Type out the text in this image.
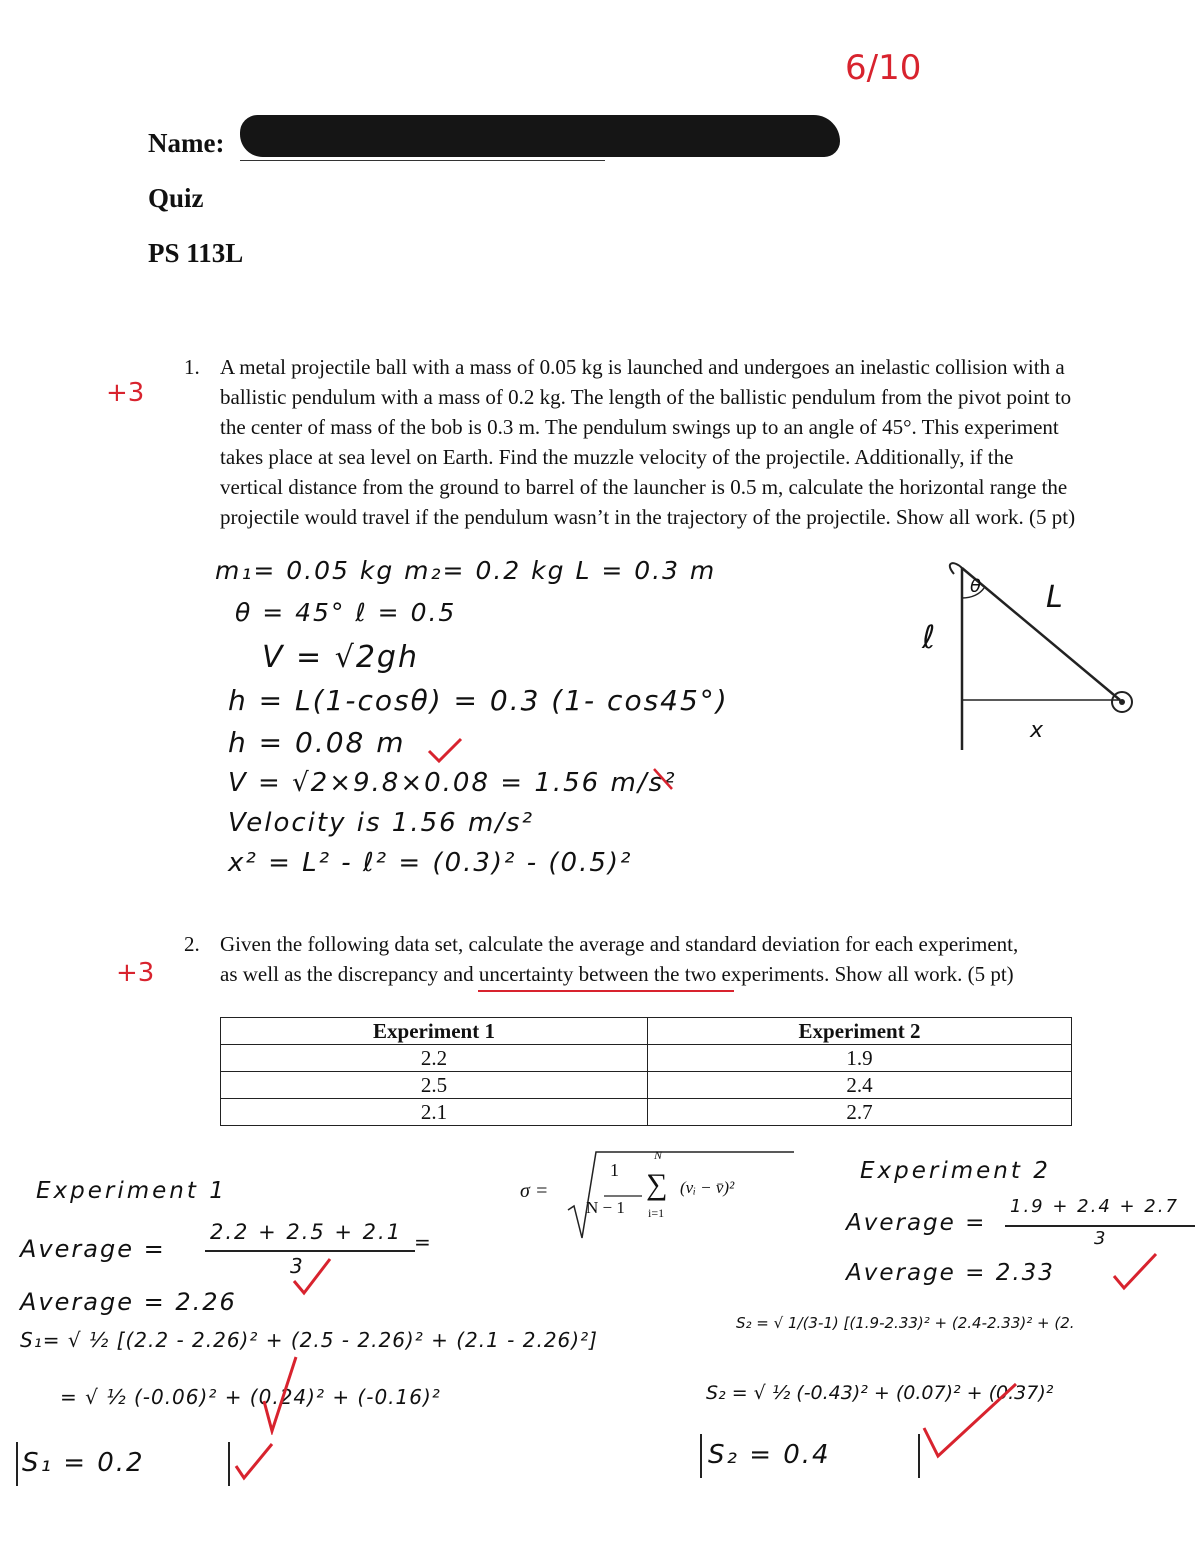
6/10
Name:
Quiz
PS 113L
+3
1. A metal projectile ball with a mass of 0.05 kg is launched and undergoes an inelastic collision with a ballistic pendulum with a mass of 0.2 kg. The length of the ballistic pendulum from the pivot point to the center of mass of the bob is 0.3 m. The pendulum swings up to an angle of 45°. This experiment takes place at sea level on Earth. Find the muzzle velocity of the projectile. Additionally, if the vertical distance from the ground to barrel of the launcher is 0.5 m, calculate the horizontal range the projectile would travel if the pendulum wasn’t in the trajectory of the projectile. Show all work. (5 pt)
m₁= 0.05 kg m₂= 0.2 kg L = 0.3 m
θ = 45° ℓ = 0.5
V = √2gh
h = L(1-cosθ) = 0.3 (1- cos45°)
h = 0.08 m
V = √2×9.8×0.08 = 1.56 m/s²
Velocity is 1.56 m/s²
x² = L² - ℓ² = (0.3)² - (0.5)²
θ L
ℓ
x
+3
2. Given the following data set, calculate the average and standard deviation for each experiment, as well as the discrepancy and uncertainty between the two experiments. Show all work. (5 pt)
Experiment 1	Experiment 2
2.2	1.9
2.5	2.4
2.1	2.7
σ =
1
N − 1
N
∑
i=1
(vᵢ − v̄)²
Experiment 1
Average =
2.2 + 2.5 + 2.1
3
=
Average = 2.26
S₁= √ ½ [(2.2 - 2.26)² + (2.5 - 2.26)² + (2.1 - 2.26)²]
= √ ½ (-0.06)² + (0.24)² + (-0.16)²
S₁ = 0.2
Experiment 2
Average =
1.9 + 2.4 + 2.7
3
Average = 2.33
S₂ = √ 1/(3-1) [(1.9-2.33)² + (2.4-2.33)² + (2.
S₂ = √ ½ (-0.43)² + (0.07)² + (0.37)²
S₂ = 0.4
